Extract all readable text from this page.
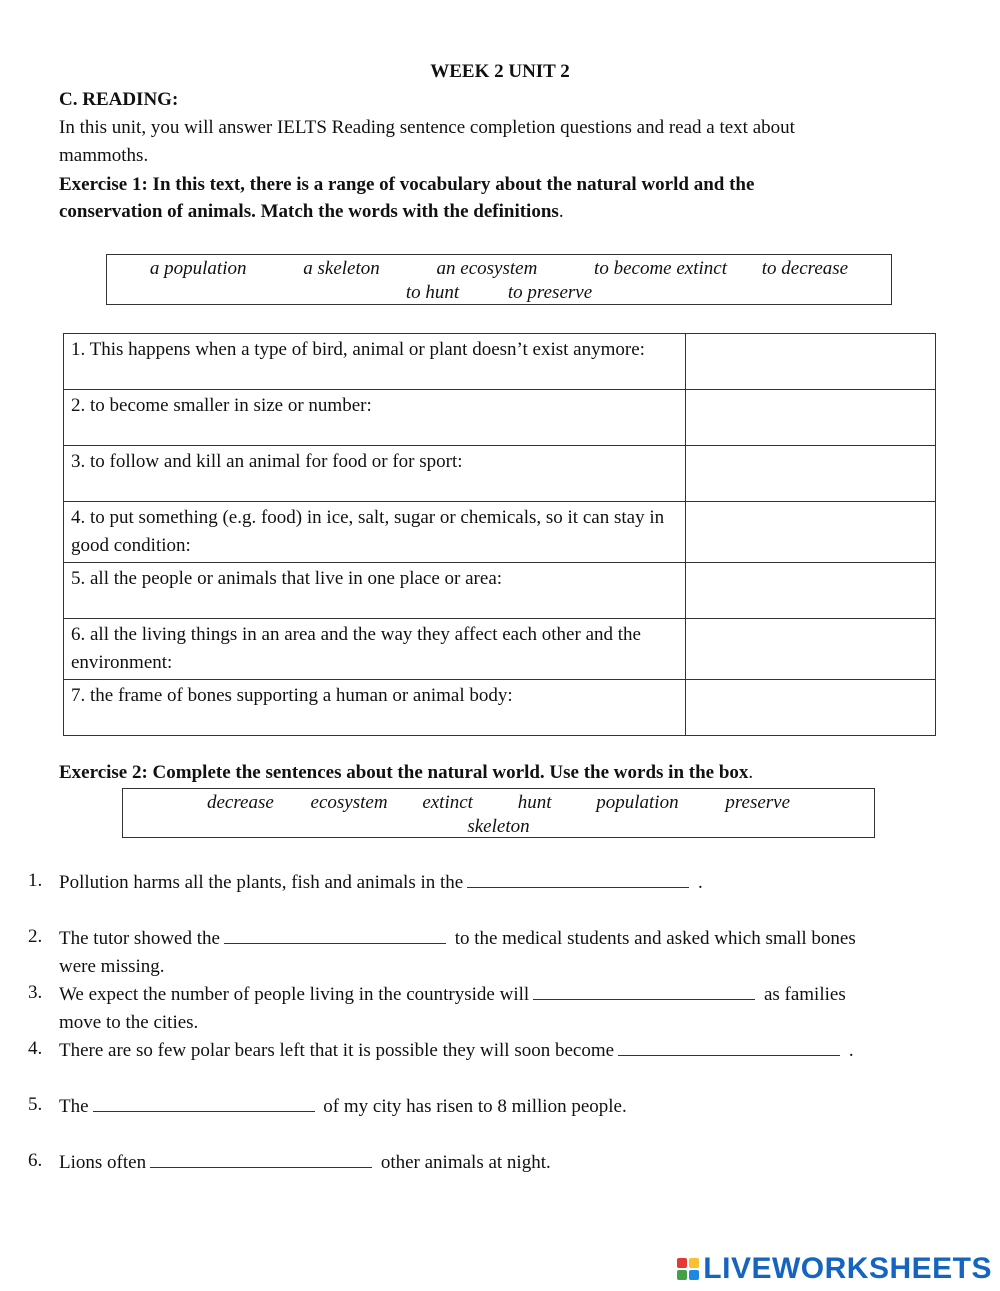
WEEK 2 UNIT 2
C. READING:
In this unit, you will answer IELTS Reading sentence completion questions and read a text about
mammoths.
Exercise 1: In this text, there is a range of vocabulary about the natural world and the
conservation of animals. Match the words with the definitions.
a population	a skeleton	an ecosystem	to become extinct to decrease
to hunt	to preserve
1. This happens when a type of bird, animal or plant doesn’t exist anymore:	
2. to become smaller in size or number:	
3. to follow and kill an animal for food or for sport:	
4. to put something (e.g. food) in ice, salt, sugar or chemicals, so it can stay in good condition:	
5. all the people or animals that live in one place or area:	
6. all the living things in an area and the way they affect each other and the environment:	
7. the frame of bones supporting a human or animal body:	
Exercise 2: Complete the sentences about the natural world. Use the words in the box.
decrease ecosystem extinct hunt population preserve
skeleton
1. Pollution harms all the plants, fish and animals in the	.
2. The tutor showed the	to the medical students and asked which small bones
were missing.
3. We expect the number of people living in the countryside will	as families
move to the cities.
4. There are so few polar bears left that it is possible they will soon become	.
5. The	of my city has risen to 8 million people.
6. Lions often	other animals at night.
LIVEWORKSHEETS
